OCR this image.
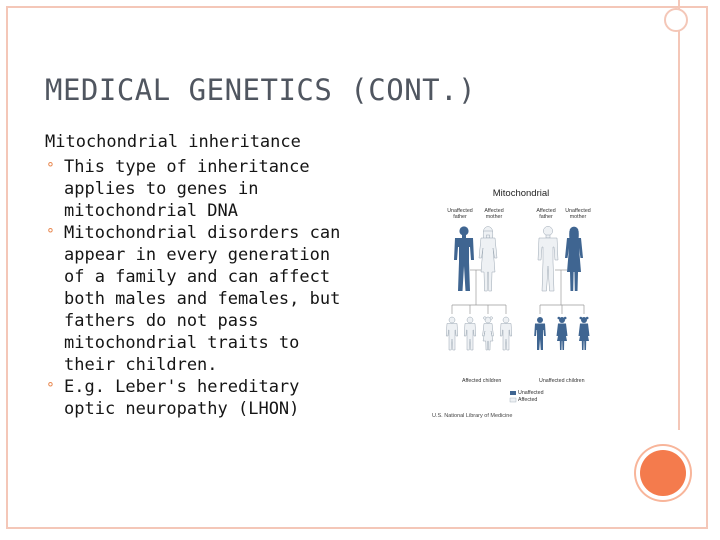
MEDICAL GENETICS (CONT.)

Mitochondrial inheritance

⚬ This type of inheritance applies to genes in mitochondrial DNA
⚬ Mitochondrial disorders can appear in every generation of a family and can affect both males and females, but fathers do not pass mitochondrial traits to their children.
⚬ E.g. Leber's hereditary optic neuropathy (LHON)
Mitochondrial
Unaffected father
Affected mother
Affected father
Unaffected mother
Affected children	Unaffected children
Unaffected
Affected
U.S. National Library of Medicine
